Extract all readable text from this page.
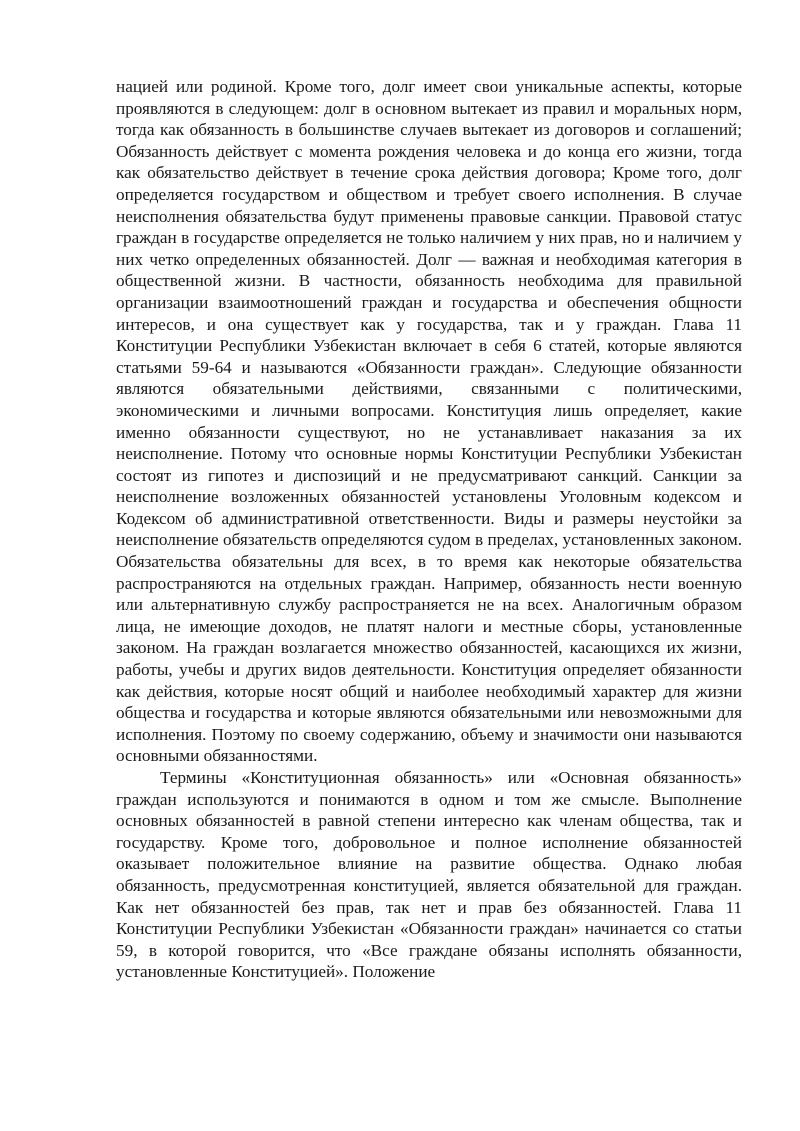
нацией или родиной. Кроме того, долг имеет свои уникальные аспекты, которые проявляются в следующем: долг в основном вытекает из правил и моральных норм, тогда как обязанность в большинстве случаев вытекает из договоров и соглашений; Обязанность действует с момента рождения человека и до конца его жизни, тогда как обязательство действует в течение срока действия договора; Кроме того, долг определяется государством и обществом и требует своего исполнения. В случае неисполнения обязательства будут применены правовые санкции. Правовой статус граждан в государстве определяется не только наличием у них прав, но и наличием у них четко определенных обязанностей. Долг — важная и необходимая категория в общественной жизни. В частности, обязанность необходима для правильной организации взаимоотношений граждан и государства и обеспечения общности интересов, и она существует как у государства, так и у граждан. Глава 11 Конституции Республики Узбекистан включает в себя 6 статей, которые являются статьями 59-64 и называются «Обязанности граждан». Следующие обязанности являются обязательными действиями, связанными с политическими, экономическими и личными вопросами. Конституция лишь определяет, какие именно обязанности существуют, но не устанавливает наказания за их неисполнение. Потому что основные нормы Конституции Республики Узбекистан состоят из гипотез и диспозиций и не предусматривают санкций. Санкции за неисполнение возложенных обязанностей установлены Уголовным кодексом и Кодексом об административной ответственности. Виды и размеры неустойки за неисполнение обязательств определяются судом в пределах, установленных законом. Обязательства обязательны для всех, в то время как некоторые обязательства распространяются на отдельных граждан. Например, обязанность нести военную или альтернативную службу распространяется не на всех. Аналогичным образом лица, не имеющие доходов, не платят налоги и местные сборы, установленные законом. На граждан возлагается множество обязанностей, касающихся их жизни, работы, учебы и других видов деятельности. Конституция определяет обязанности как действия, которые носят общий и наиболее необходимый характер для жизни общества и государства и которые являются обязательными или невозможными для исполнения. Поэтому по своему содержанию, объему и значимости они называются основными обязанностями.

Термины «Конституционная обязанность» или «Основная обязанность» граждан используются и понимаются в одном и том же смысле. Выполнение основных обязанностей в равной степени интересно как членам общества, так и государству. Кроме того, добровольное и полное исполнение обязанностей оказывает положительное влияние на развитие общества. Однако любая обязанность, предусмотренная конституцией, является обязательной для граждан. Как нет обязанностей без прав, так нет и прав без обязанностей. Глава 11 Конституции Республики Узбекистан «Обязанности граждан» начинается со статьи 59, в которой говорится, что «Все граждане обязаны исполнять обязанности, установленные Конституцией». Положение
